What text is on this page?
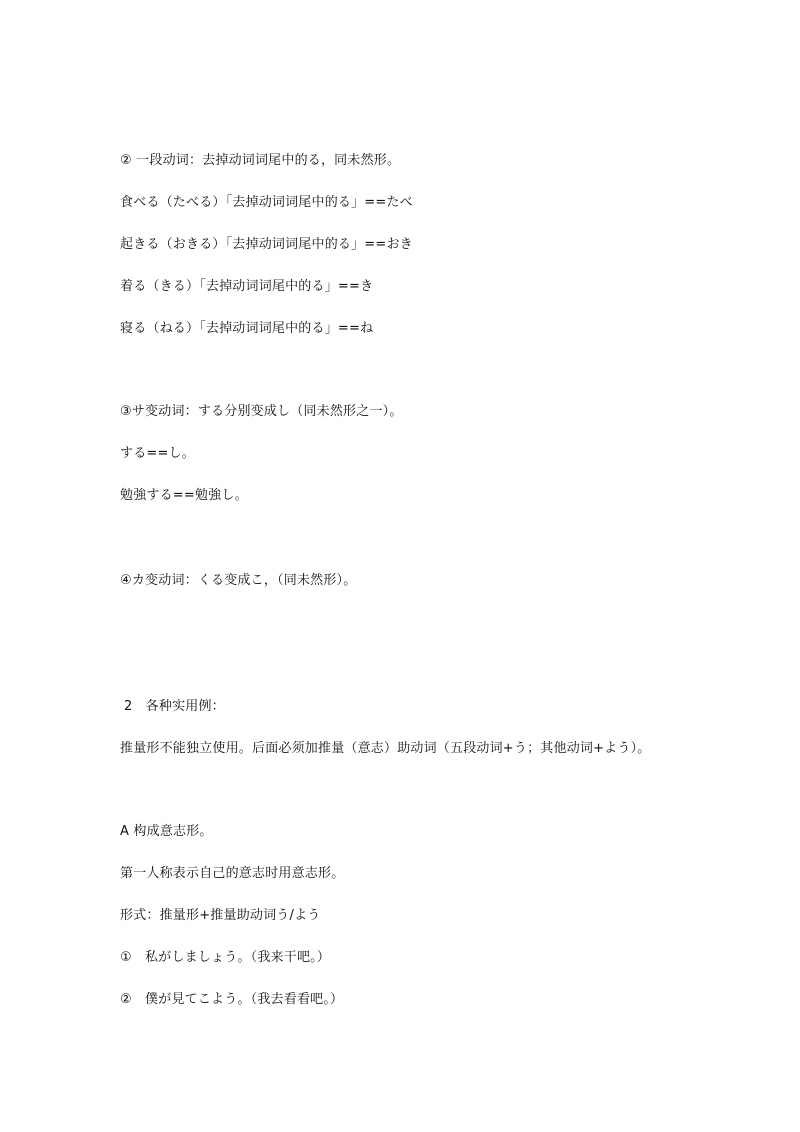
② 一段动词：去掉动词词尾中的る，同未然形。
食べる（たべる）「去掉动词词尾中的る」==たべ
起きる（おきる）「去掉动词词尾中的る」==おき
着る（きる）「去掉动词词尾中的る」==き
寝る（ねる）「去掉动词词尾中的る」==ね
③サ变动词：する分别变成し（同未然形之一）。
する==し。
勉強する==勉強し。
④カ变动词：くる变成こ，（同未然形）。
2　各种实用例：
推量形不能独立使用。后面必须加推量（意志）助动词（五段动词+う；其他动词+よう）。
A 构成意志形。
第一人称表示自己的意志时用意志形。
形式：推量形+推量助动词う/よう
①　私がしましょう。（我来干吧。）
②　僕が見てこよう。（我去看看吧。）
